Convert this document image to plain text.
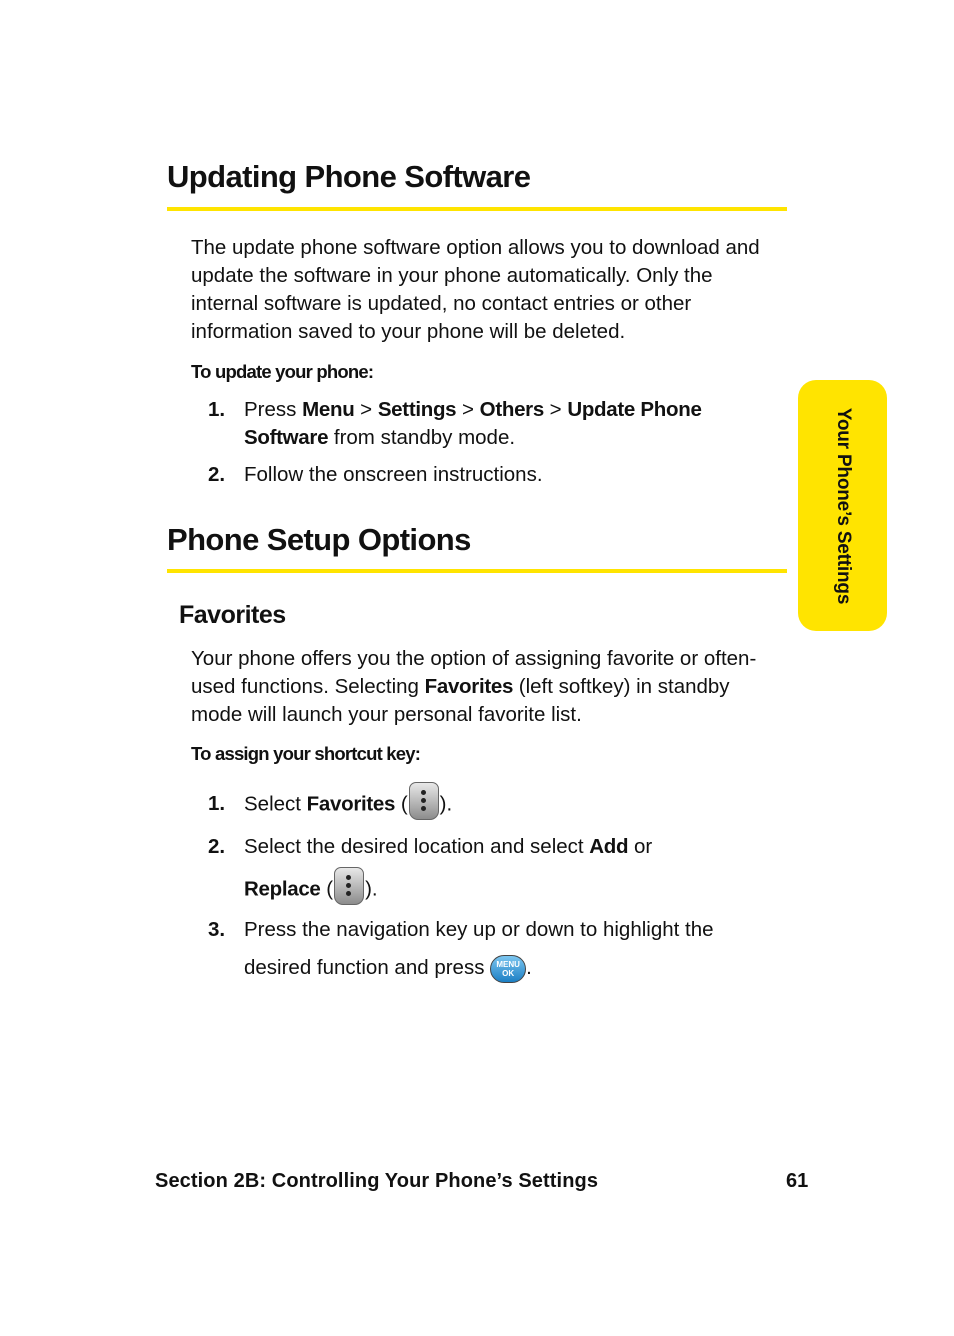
Updating Phone Software

The update phone software option allows you to download and update the software in your phone automatically. Only the internal software is updated, no contact entries or other information saved to your phone will be deleted.

To update your phone:

1. Press Menu > Settings > Others > Update Phone Software from standby mode.
2. Follow the onscreen instructions.
Phone Setup Options
Favorites

Your phone offers you the option of assigning favorite or often-used functions. Selecting Favorites (left softkey) in standby mode will launch your personal favorite list.

To assign your shortcut key:

1. Select Favorites ( ).
2. Select the desired location and select Add or
Replace ( ).
3. Press the navigation key up or down to highlight the
desired function and press MENU
OK .
Your Phone’s Settings
Section 2B: Controlling Your Phone’s Settings	61
